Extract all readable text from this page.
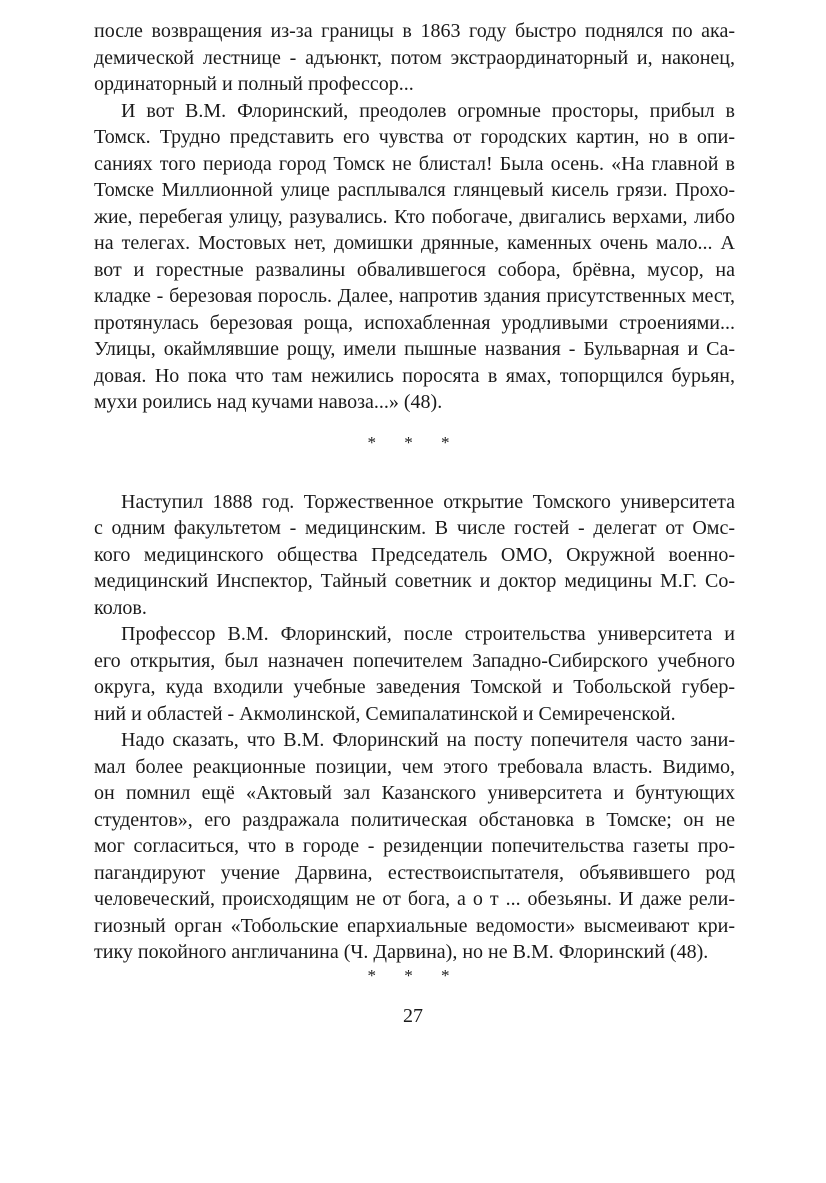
после возвращения из-за границы в 1863 году быстро поднялся по ака-
демической лестнице - адъюнкт, потом экстраординаторный и, наконец,
ординаторный и полный профессор...
И вот В.М. Флоринский, преодолев огромные просторы, прибыл в
Томск. Трудно представить его чувства от городских картин, но в опи-
саниях того периода город Томск не блистал! Была осень. «На главной в
Томске Миллионной улице расплывался глянцевый кисель грязи. Прохо-
жие, перебегая улицу, разувались. Кто побогаче, двигались верхами, либо
на телегах. Мостовых нет, домишки дрянные, каменных очень мало... А
вот и горестные развалины обвалившегося собора, брёвна, мусор, на
кладке - березовая поросль. Далее, напротив здания присутственных мест,
протянулась березовая роща, испохабленная уродливыми строениями...
Улицы, окаймлявшие рощу, имели пышные названия - Бульварная и Са-
довая. Но пока что там нежились поросята в ямах, топорщился бурьян,
мухи роились над кучами навоза...» (48).
* * *
Наступил 1888 год. Торжественное открытие Томского университета
с одним факультетом - медицинским. В числе гостей - делегат от Омс-
кого медицинского общества Председатель ОМО, Окружной военно-
медицинский Инспектор, Тайный советник и доктор медицины М.Г. Со-
колов.
Профессор В.М. Флоринский, после строительства университета и
его открытия, был назначен попечителем Западно-Сибирского учебного
округа, куда входили учебные заведения Томской и Тобольской губер-
ний и областей - Акмолинской, Семипалатинской и Семиреченской.
Надо сказать, что В.М. Флоринский на посту попечителя часто зани-
мал более реакционные позиции, чем этого требовала власть. Видимо,
он помнил ещё «Актовый зал Казанского университета и бунтующих
студентов», его раздражала политическая обстановка в Томске; он не
мог согласиться, что в городе - резиденции попечительства газеты про-
пагандируют учение Дарвина, естествоиспытателя, объявившего род
человеческий, происходящим не от бога, а о т ... обезьяны. И даже рели-
гиозный орган «Тобольские епархиальные ведомости» высмеивают кри-
тику покойного англичанина (Ч. Дарвина), но не В.М. Флоринский (48).
* * *
27
